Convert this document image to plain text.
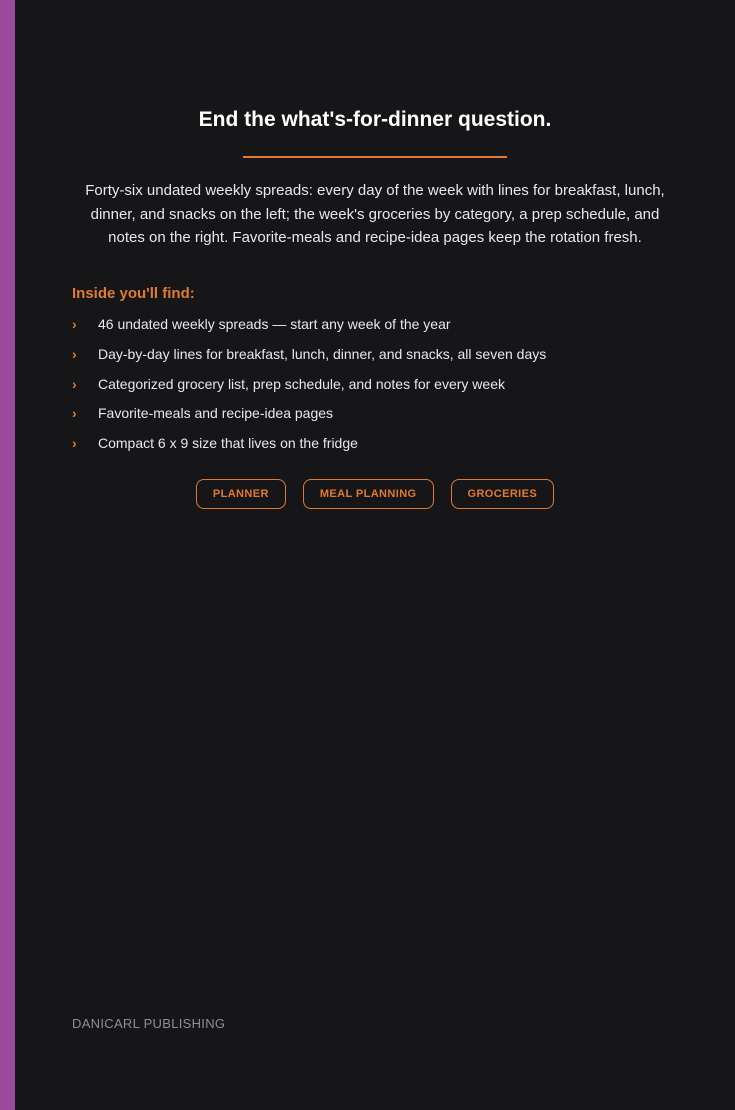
End the what's-for-dinner question.

Forty-six undated weekly spreads: every day of the week with lines for breakfast, lunch, dinner, and snacks on the left; the week's groceries by category, a prep schedule, and notes on the right. Favorite-meals and recipe-idea pages keep the rotation fresh.

Inside you'll find:
› 46 undated weekly spreads — start any week of the year
› Day-by-day lines for breakfast, lunch, dinner, and snacks, all seven days
› Categorized grocery list, prep schedule, and notes for every week
› Favorite-meals and recipe-idea pages
› Compact 6 x 9 size that lives on the fridge
PLANNER	MEAL PLANNING	GROCERIES

DANICARL PUBLISHING
